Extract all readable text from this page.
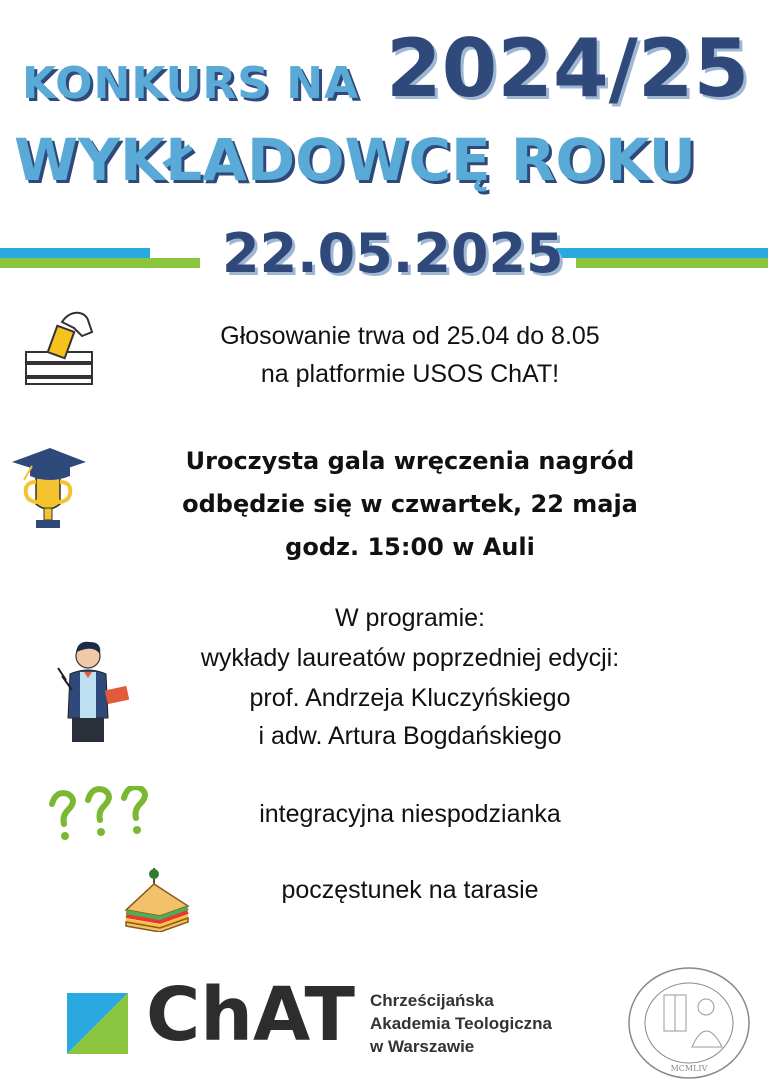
KONKURS NA 2024/25
WYKŁADOWCĘ ROKU
22.05.2025
Głosowanie trwa od 25.04 do 8.05
na platformie USOS ChAT!
Uroczysta gala wręczenia nagród
odbędzie się w czwartek, 22 maja
godz. 15:00 w Auli
W programie:
wykłady laureatów poprzedniej edycji:
prof. Andrzeja Kluczyńskiego
i adw. Artura Bogdańskiego
integracyjna niespodzianka
poczęstunek na tarasie
ChAT Chrześcijańska
Akademia Teologiczna
w Warszawie
MCMLIV
